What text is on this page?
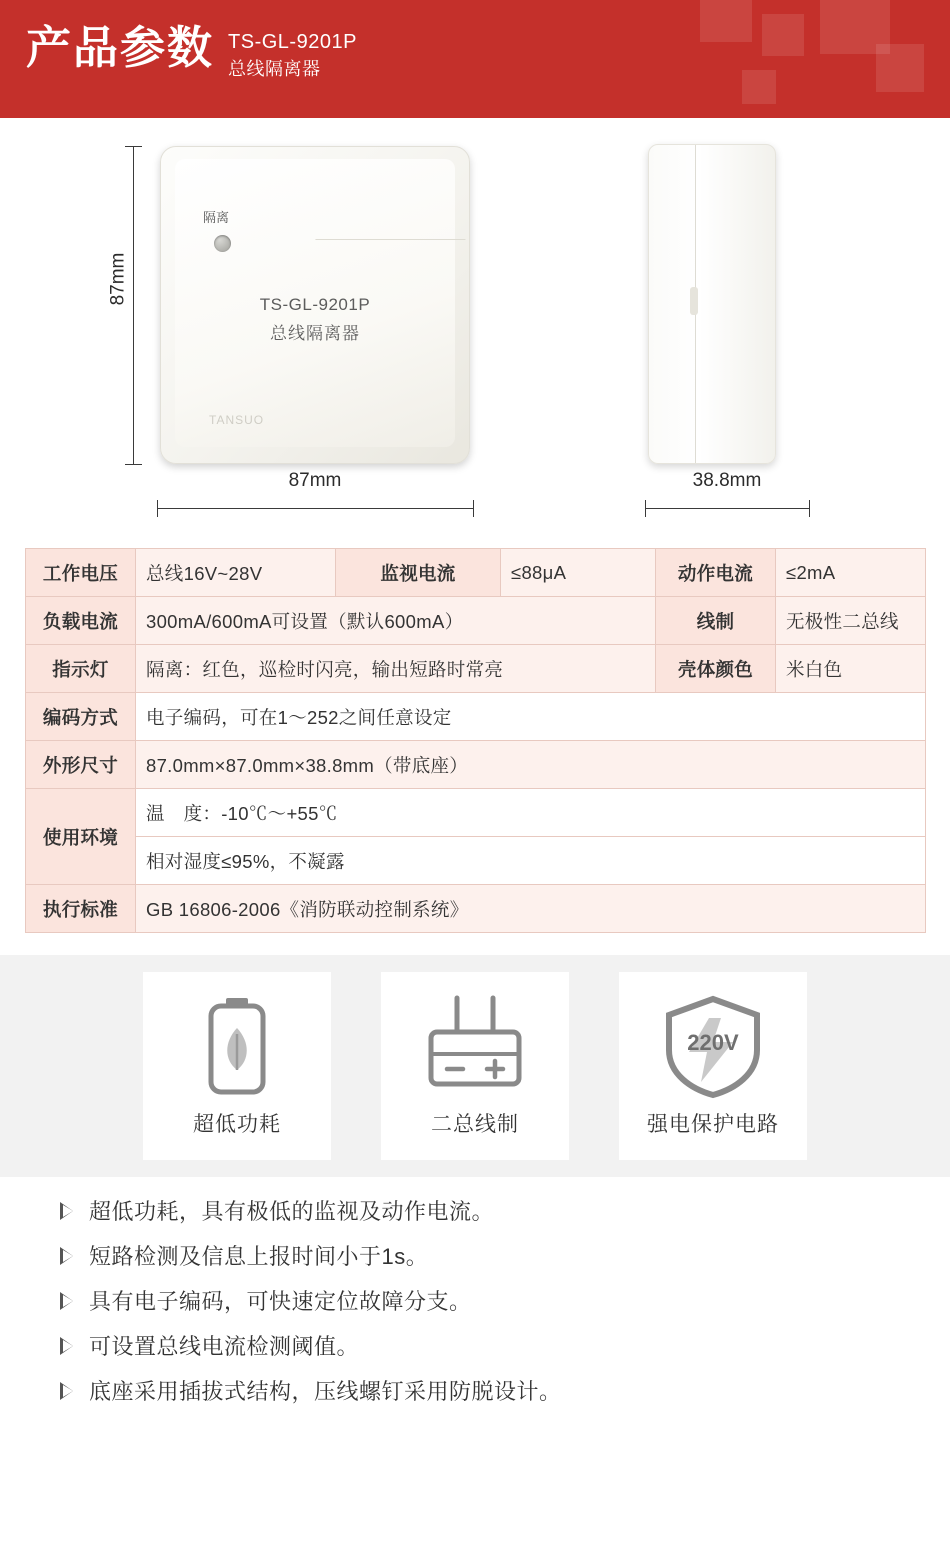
产品参数 TS-GL-9201P
总线隔离器
87mm
隔离
TS-GL-9201P
总线隔离器
TANSUO
87mm	38.8mm
工作电压	总线16V~28V	监视电流	≤88μA	动作电流	≤2mA
负载电流	300mA/600mA可设置（默认600mA）			线制	无极性二总线
指示灯	隔离：红色，巡检时闪亮，输出短路时常亮			壳体颜色	米白色
编码方式	电子编码，可在1～252之间任意设定				
外形尺寸	87.0mm×87.0mm×38.8mm（带底座）				
使用环境	温　度：-10℃～+55℃				
	相对湿度≤95%，不凝露				
执行标准	GB 16806-2006《消防联动控制系统》				
超低功耗	二总线制
220V
强电保护电路
超低功耗，具有极低的监视及动作电流。
短路检测及信息上报时间小于1s。
具有电子编码，可快速定位故障分支。
可设置总线电流检测阈值。
底座采用插拔式结构，压线螺钉采用防脱设计。
